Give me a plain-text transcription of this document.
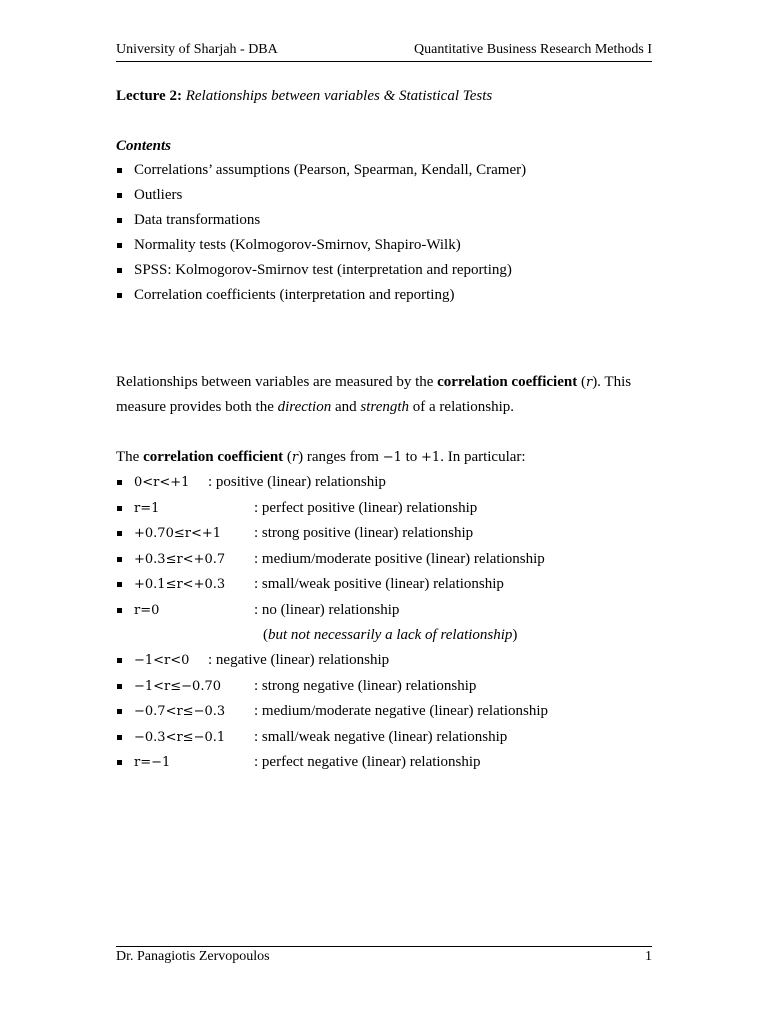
University of Sharjah - DBA	Quantitative Business Research Methods I
Lecture 2: Relationships between variables & Statistical Tests
Contents
Correlations’ assumptions (Pearson, Spearman, Kendall, Cramer)
Outliers
Data transformations
Normality tests (Kolmogorov-Smirnov, Shapiro-Wilk)
SPSS: Kolmogorov-Smirnov test (interpretation and reporting)
Correlation coefficients (interpretation and reporting)

Relationships between variables are measured by the correlation coefficient (r). This measure provides both the direction and strength of a relationship.

The correlation coefficient (r) ranges from −1 to +1. In particular:

0<r<+1 : positive (linear) relationship
r=1	: perfect positive (linear) relationship
+0.70≤r<+1 : strong positive (linear) relationship
+0.3≤r<+0.7 : medium/moderate positive (linear) relationship
+0.1≤r<+0.3 : small/weak positive (linear) relationship
r=0	: no (linear) relationship
(but not necessarily a lack of relationship)
−1<r<0 : negative (linear) relationship
−1<r≤−0.70 : strong negative (linear) relationship
−0.7<r≤−0.3 : medium/moderate negative (linear) relationship
−0.3<r≤−0.1 : small/weak negative (linear) relationship
r=−1	: perfect negative (linear) relationship
Dr. Panagiotis Zervopoulos	1
